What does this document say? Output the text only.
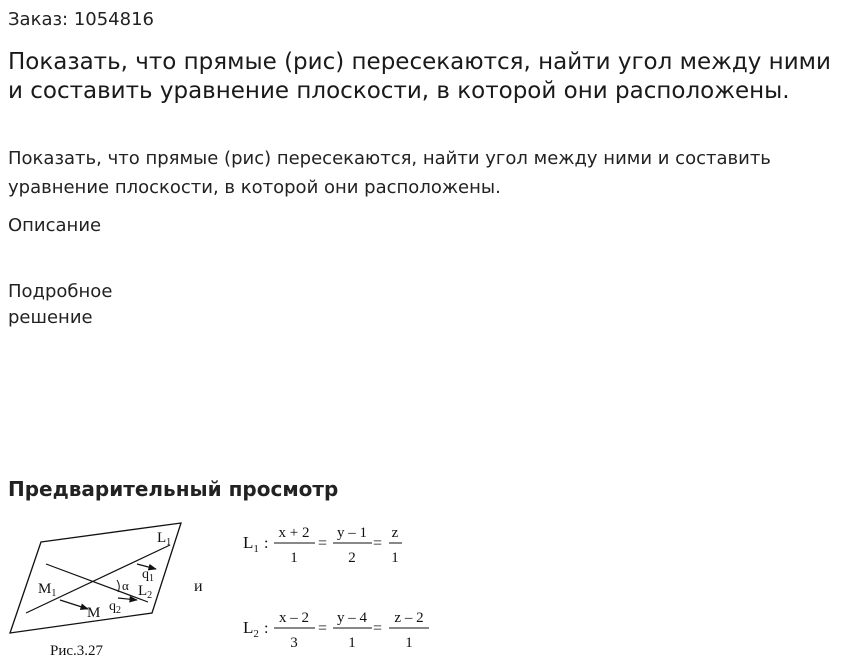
Заказ: 1054816
Показать, что прямые (рис) пересекаются, найти угол между ними и составить уравнение плоскости, в которой они расположены.
Показать, что прямые (рис) пересекаются, найти угол между ними и составить уравнение плоскости, в которой они расположены.
Описание
Подробное решение
Предварительный просмотр
$L_1$
$L_2$
$M_1$
M
$q_1$
$q_2$
α
Рис.3.27
и
$L_1$ :
x + 2
1
=
y – 1
2
=
z
1
$L_2$ :
x – 2
3
=
y – 4
1
=
z – 2
1
